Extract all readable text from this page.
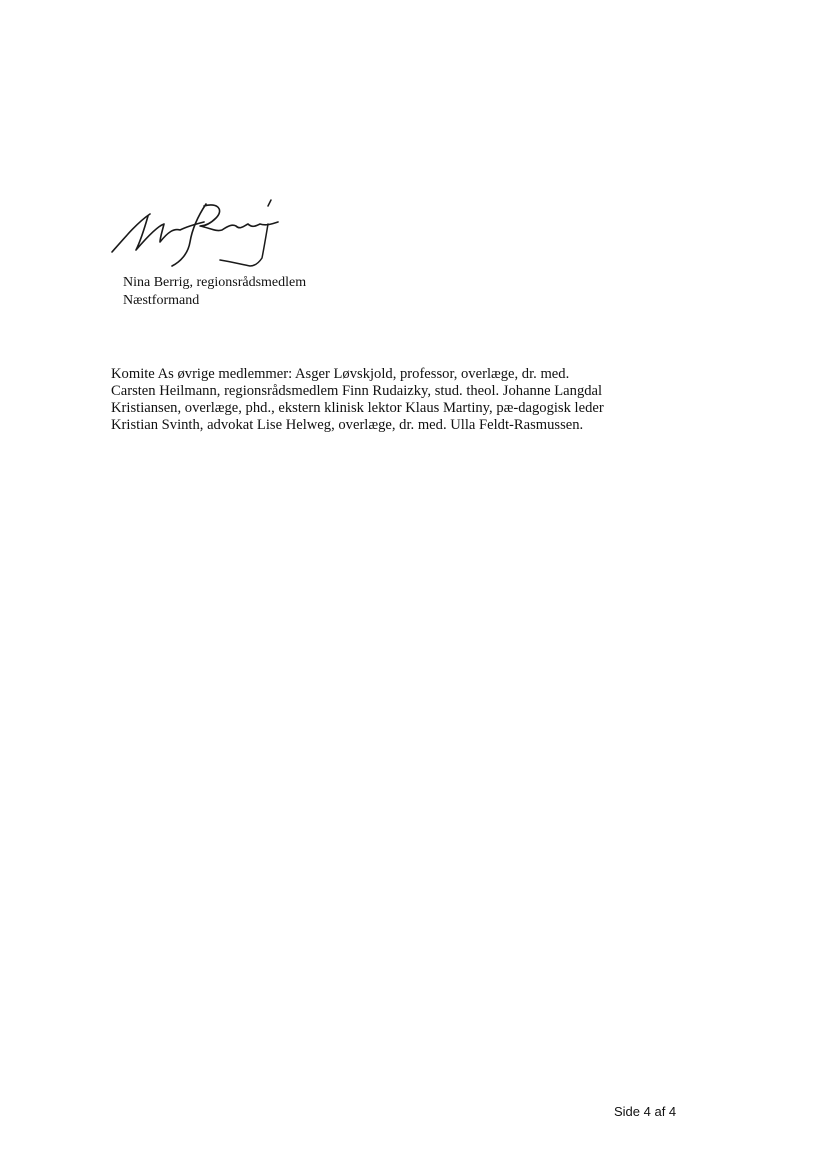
Nina Berrig, regionsrådsmedlem
Næstformand
Komite As øvrige medlemmer: Asger Løvskjold, professor, overlæge, dr. med. Carsten Heilmann, regionsrådsmedlem Finn Rudaizky, stud. theol. Johanne Langdal Kristiansen, overlæge, phd., ekstern klinisk lektor Klaus Martiny, pæ-dagogisk leder Kristian Svinth, advokat Lise Helweg, overlæge, dr. med. Ulla Feldt-Rasmussen.
Side 4 af 4
